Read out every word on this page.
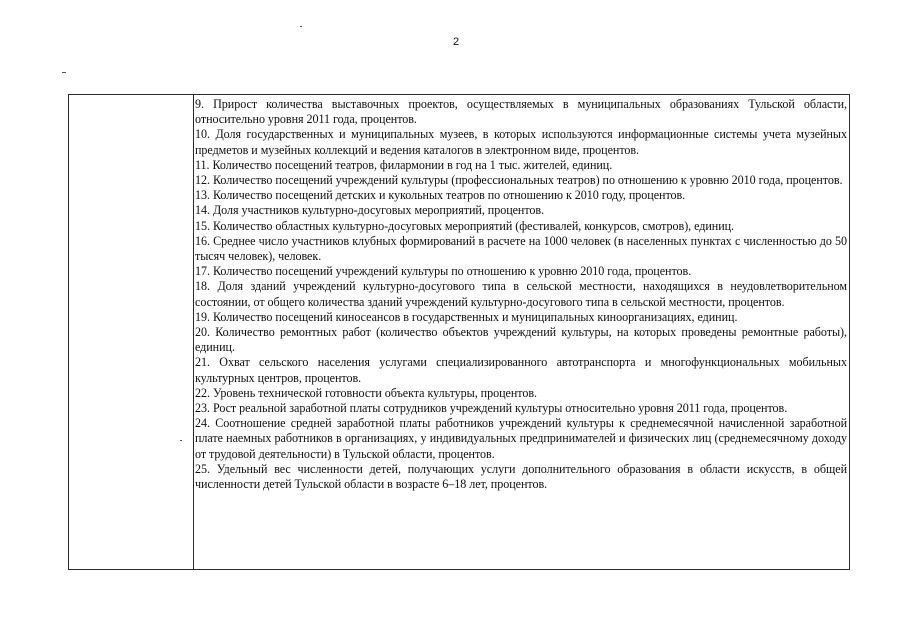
2

9. Прирост количества выставочных проектов, осуществляемых в муниципальных образованиях Тульской области, относительно уровня 2011 года, процентов.

10. Доля государственных и муниципальных музеев, в которых используются информационные системы учета музейных предметов и музейных коллекций и ведения каталогов в электронном виде, процентов.

11. Количество посещений театров, филармонии в год на 1 тыс. жителей, единиц.

12. Количество посещений учреждений культуры (профессиональных театров) по отношению к уровню 2010 года, процентов.

13. Количество посещений детских и кукольных театров по отношению к 2010 году, процентов.

14. Доля участников культурно-досуговых мероприятий, процентов.

15. Количество областных культурно-досуговых мероприятий (фестивалей, конкурсов, смотров), единиц.

16. Среднее число участников клубных формирований в расчете на 1000 человек (в населенных пунктах с численностью до 50 тысяч человек), человек.

17. Количество посещений учреждений культуры по отношению к уровню 2010 года, процентов.

18. Доля зданий учреждений культурно-досугового типа в сельской местности, находящихся в неудовлетворительном состоянии, от общего количества зданий учреждений культурно-досугового типа в сельской местности, процентов.

19. Количество посещений киносеансов в государственных и муниципальных киноорганизациях, единиц.

20. Количество ремонтных работ (количество объектов учреждений культуры, на которых проведены ремонтные работы), единиц.

21. Охват сельского населения услугами специализированного автотранспорта и многофункциональных мобильных культурных центров, процентов.

22. Уровень технической готовности объекта культуры, процентов.

23. Рост реальной заработной платы сотрудников учреждений культуры относительно уровня 2011 года, процентов.

24. Соотношение средней заработной платы работников учреждений культуры к среднемесячной начисленной заработной плате наемных работников в организациях, у индивидуальных предпринимателей и физических лиц (среднемесячному доходу от трудовой деятельности) в Тульской области, процентов.

25. Удельный вес численности детей, получающих услуги дополнительного образования в области искусств, в общей численности детей Тульской области в возрасте 6–18 лет, процентов.
